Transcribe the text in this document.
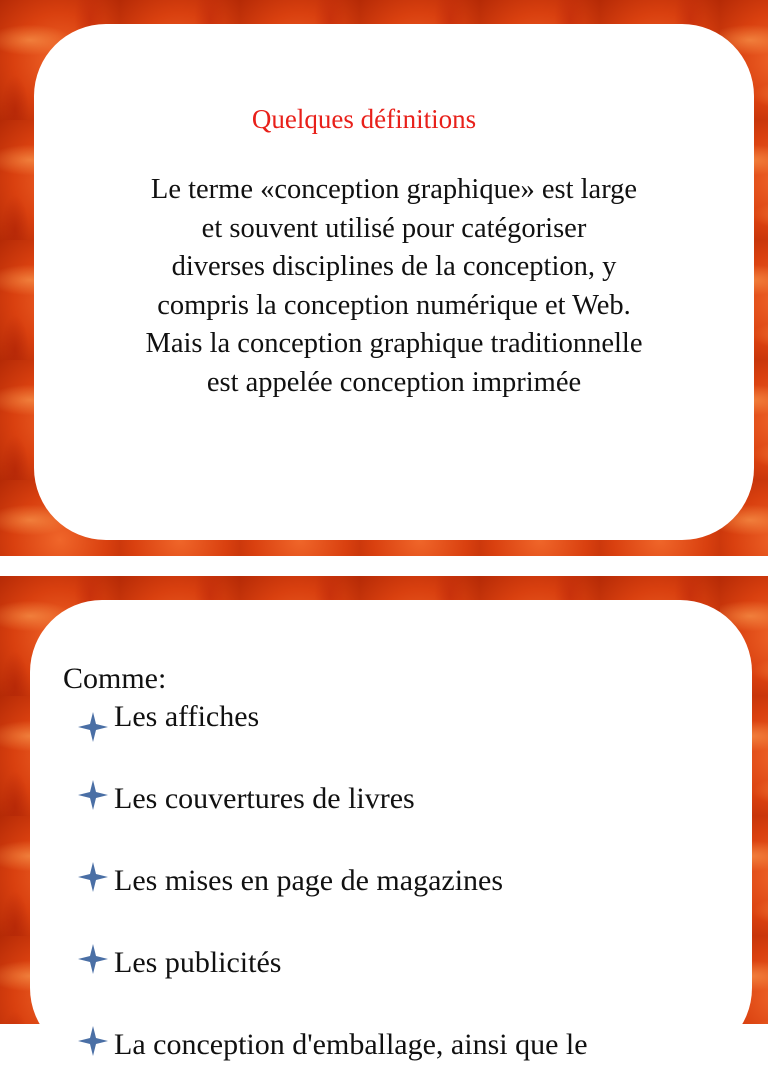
Quelques définitions
Le terme «conception graphique» est large
et souvent utilisé pour catégoriser
diverses disciplines de la conception, y
compris la conception numérique et Web.
Mais la conception graphique traditionnelle
est appelée conception imprimée
Comme:
Les affiches
Les couvertures de livres
Les mises en page de magazines
Les publicités
La conception d'emballage, ainsi que le
